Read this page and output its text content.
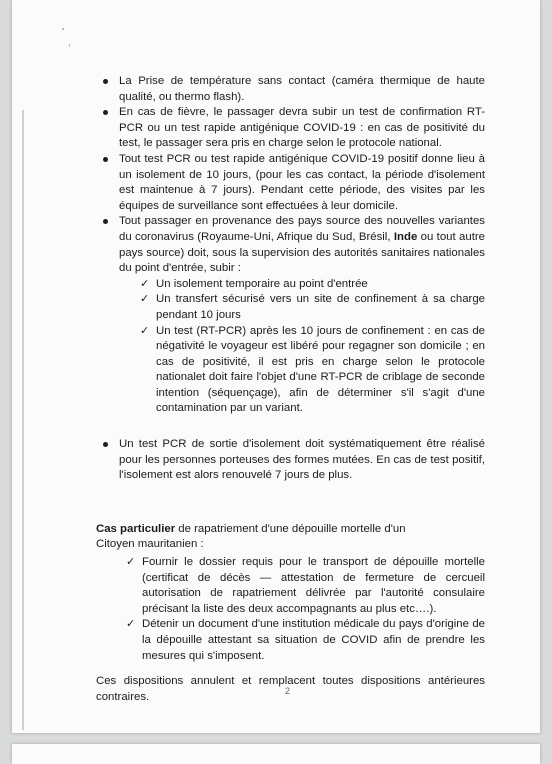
La Prise de température sans contact (caméra thermique de haute qualité, ou thermo flash).
En cas de fièvre, le passager devra subir un test de confirmation RT-PCR ou un test rapide antigénique COVID-19 : en cas de positivité du test, le passager sera pris en charge selon le protocole national.
Tout test PCR ou test rapide antigénique COVID-19 positif donne lieu à un isolement de 10 jours, (pour les cas contact, la période d'isolement est maintenue à 7 jours). Pendant cette période, des visites par les équipes de surveillance sont effectuées à leur domicile.
Tout passager en provenance des pays source des nouvelles variantes du coronavirus (Royaume-Uni, Afrique du Sud, Brésil, Inde ou tout autre pays source) doit, sous la supervision des autorités sanitaires nationales du point d'entrée, subir :
✓ Un isolement temporaire au point d'entrée
✓ Un transfert sécurisé vers un site de confinement à sa charge pendant 10 jours
✓ Un test (RT-PCR) après les 10 jours de confinement : en cas de négativité le voyageur est libéré pour regagner son domicile ; en cas de positivité, il est pris en charge selon le protocole nationalet doit faire l'objet d'une RT-PCR de criblage de seconde intention (séquençage), afin de déterminer s'il s'agit d'une contamination par un variant.
Un test PCR de sortie d'isolement doit systématiquement être réalisé pour les personnes porteuses des formes mutées. En cas de test positif, l'isolement est alors renouvelé 7 jours de plus.
Cas particulier de rapatriement d'une dépouille mortelle d'un
Citoyen mauritanien :
✓ Fournir le dossier requis pour le transport de dépouille mortelle (certificat de décès — attestation de fermeture de cercueil autorisation de rapatriement délivrée par l'autorité consulaire précisant la liste des deux accompagnants au plus etc….).
✓ Détenir un document d'une institution médicale du pays d'origine de la dépouille attestant sa situation de COVID afin de prendre les mesures qui s'imposent.
Ces dispositions annulent et remplacent toutes dispositions antérieures contraires.	2
